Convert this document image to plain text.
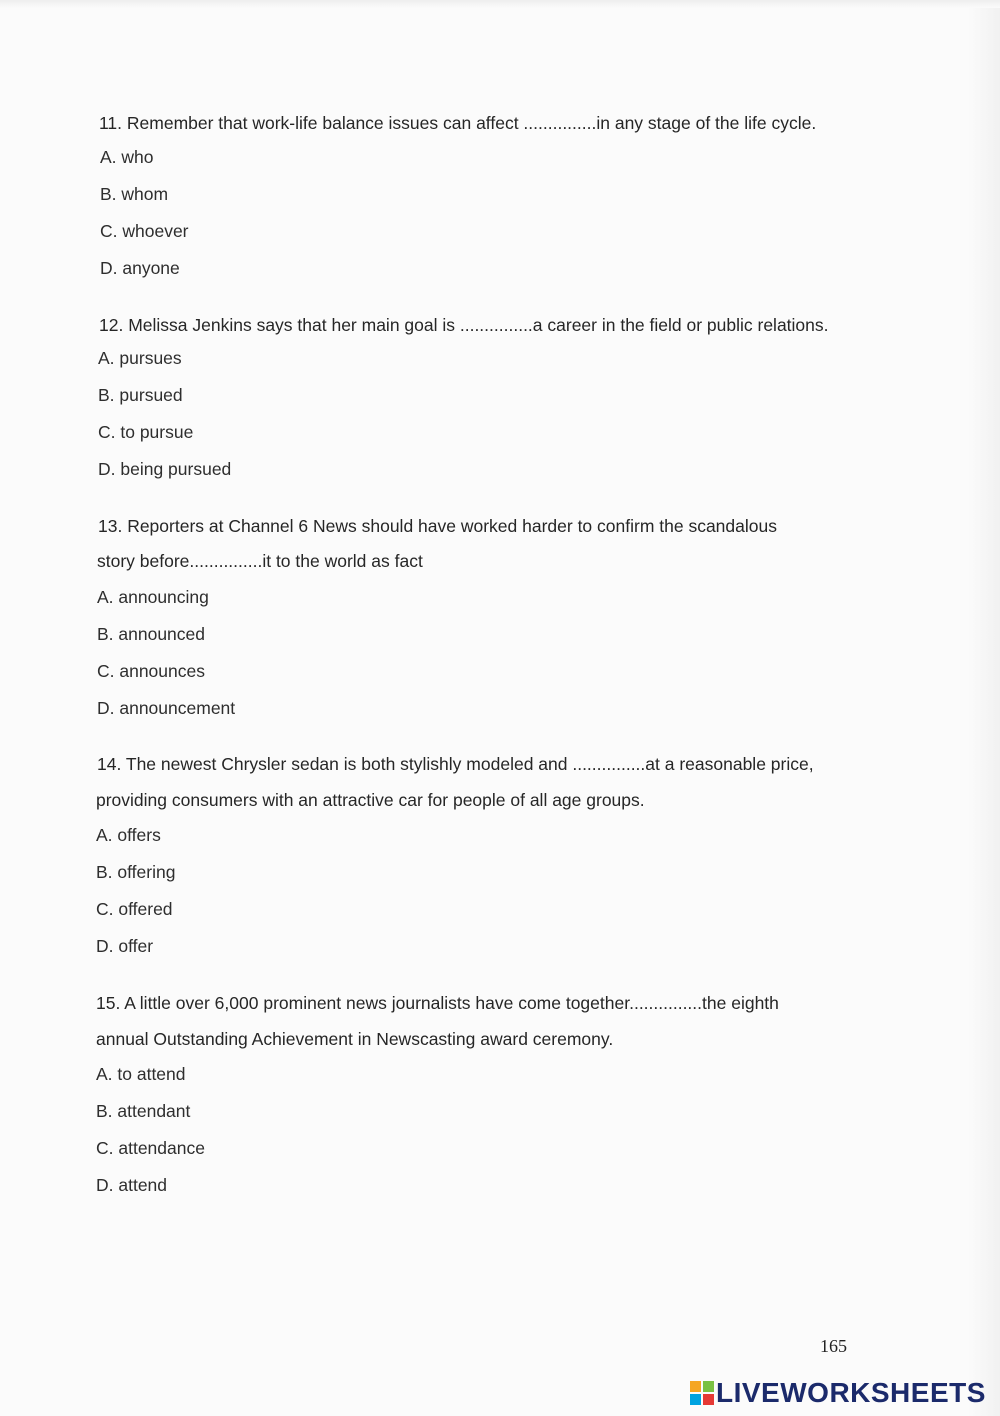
11. Remember that work-life balance issues can affect ...............in any stage of the life cycle.

A. who

B. whom

C. whoever

D. anyone

12. Melissa Jenkins says that her main goal is ...............a career in the field or public relations.

A. pursues

B. pursued

C. to pursue

D. being pursued

13. Reporters at Channel 6 News should have worked harder to confirm the scandalous

story before...............it to the world as fact

A. announcing

B. announced

C. announces

D. announcement

14. The newest Chrysler sedan is both stylishly modeled and ...............at a reasonable price,

providing consumers with an attractive car for people of all age groups.

A. offers

B. offering

C. offered

D. offer

15. A little over 6,000 prominent news journalists have come together...............the eighth

annual Outstanding Achievement in Newscasting award ceremony.

A. to attend

B. attendant

C. attendance

D. attend

165
LIVEWORKSHEETS
